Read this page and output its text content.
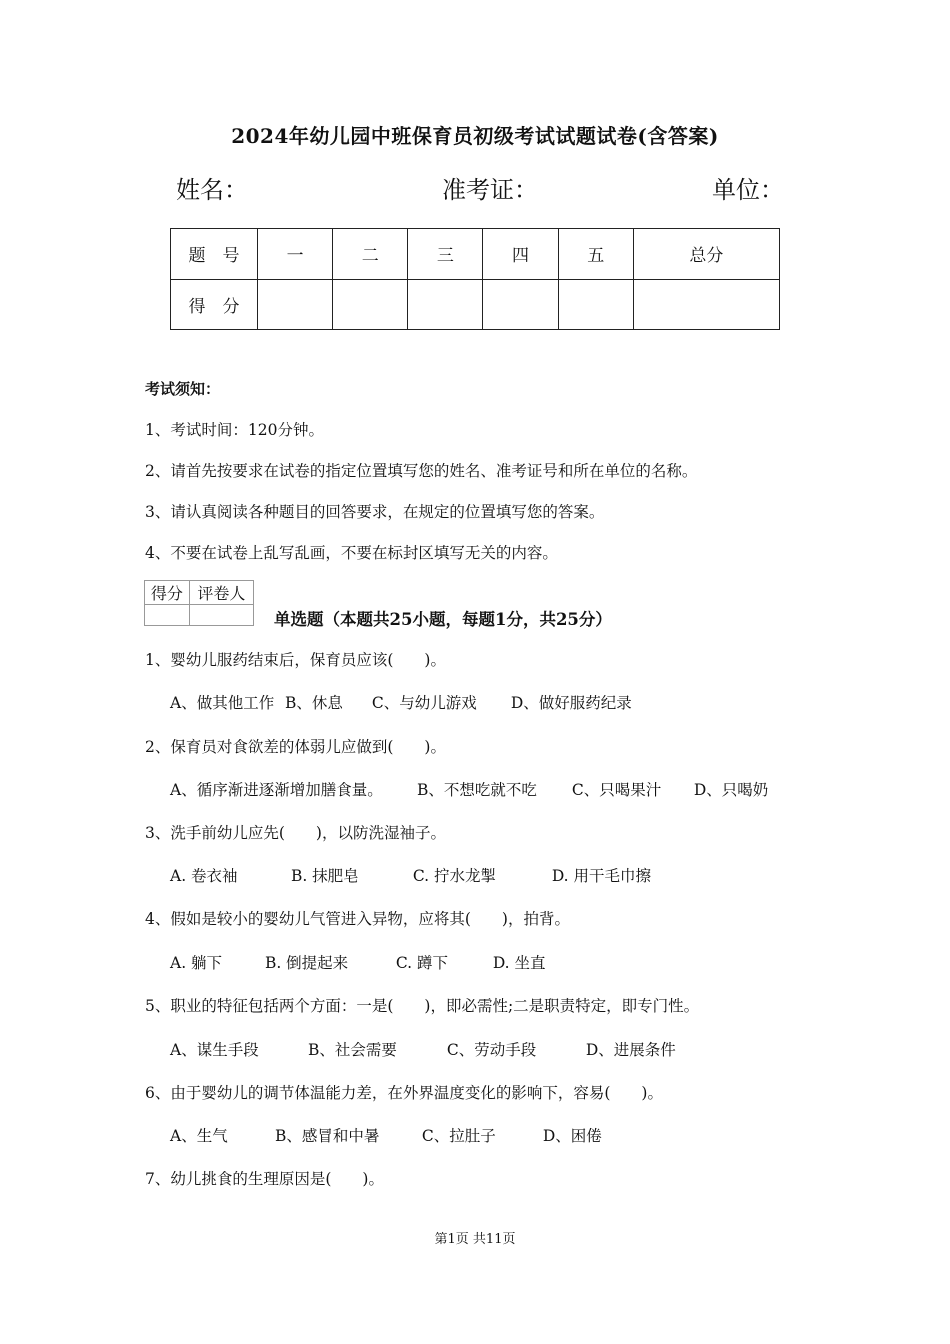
2024年幼儿园中班保育员初级考试试题试卷(含答案)
姓名：	准考证：	单位：
题　号	一	二	三	四	五	总分
得　分						
考试须知：
1、考试时间：120分钟。
2、请首先按要求在试卷的指定位置填写您的姓名、准考证号和所在单位的名称。
3、请认真阅读各种题目的回答要求，在规定的位置填写您的答案。
4、不要在试卷上乱写乱画，不要在标封区填写无关的内容。
得分	评卷人

单选题（本题共25小题，每题1分，共25分）
1、婴幼儿服药结束后，保育员应该(　　)。
A、做其他工作 B、休息 C、与幼儿游戏 D、做好服药纪录
2、保育员对食欲差的体弱儿应做到(　　)。
A、循序渐进逐渐增加膳食量。 B、不想吃就不吃 C、只喝果汁 D、只喝奶
3、洗手前幼儿应先(　　)，以防洗湿袖子。
A. 卷衣袖	B. 抹肥皂	C. 拧水龙掣	D. 用干毛巾擦
4、假如是较小的婴幼儿气管进入异物，应将其(　　)，拍背。
A. 躺下	B. 倒提起来	C. 蹲下	D. 坐直
5、职业的特征包括两个方面：一是(　　)，即必需性;二是职责特定，即专门性。
A、谋生手段	B、社会需要	C、劳动手段	D、进展条件
6、由于婴幼儿的调节体温能力差，在外界温度变化的影响下，容易(　　)。
A、生气	B、感冒和中暑	C、拉肚子	D、困倦
7、幼儿挑食的生理原因是(　　)。
第1页 共11页
